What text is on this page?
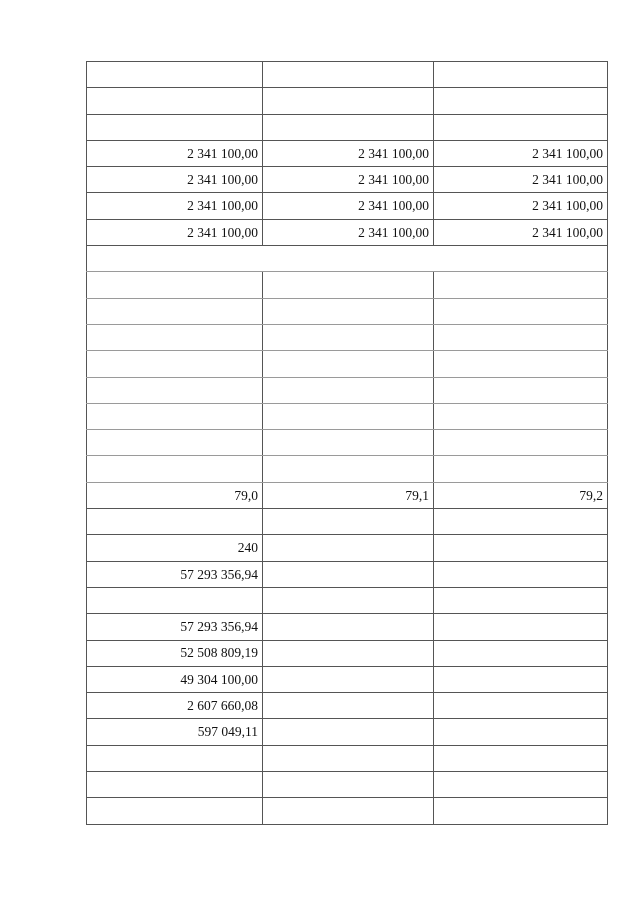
2 341 100,00	2 341 100,00	2 341 100,00
2 341 100,00	2 341 100,00	2 341 100,00
2 341 100,00	2 341 100,00	2 341 100,00
2 341 100,00	2 341 100,00	2 341 100,00

79,0	79,1	79,2

240		
57 293 356,94		

57 293 356,94		
52 508 809,19		
49 304 100,00		
2 607 660,08		
597 049,11		
